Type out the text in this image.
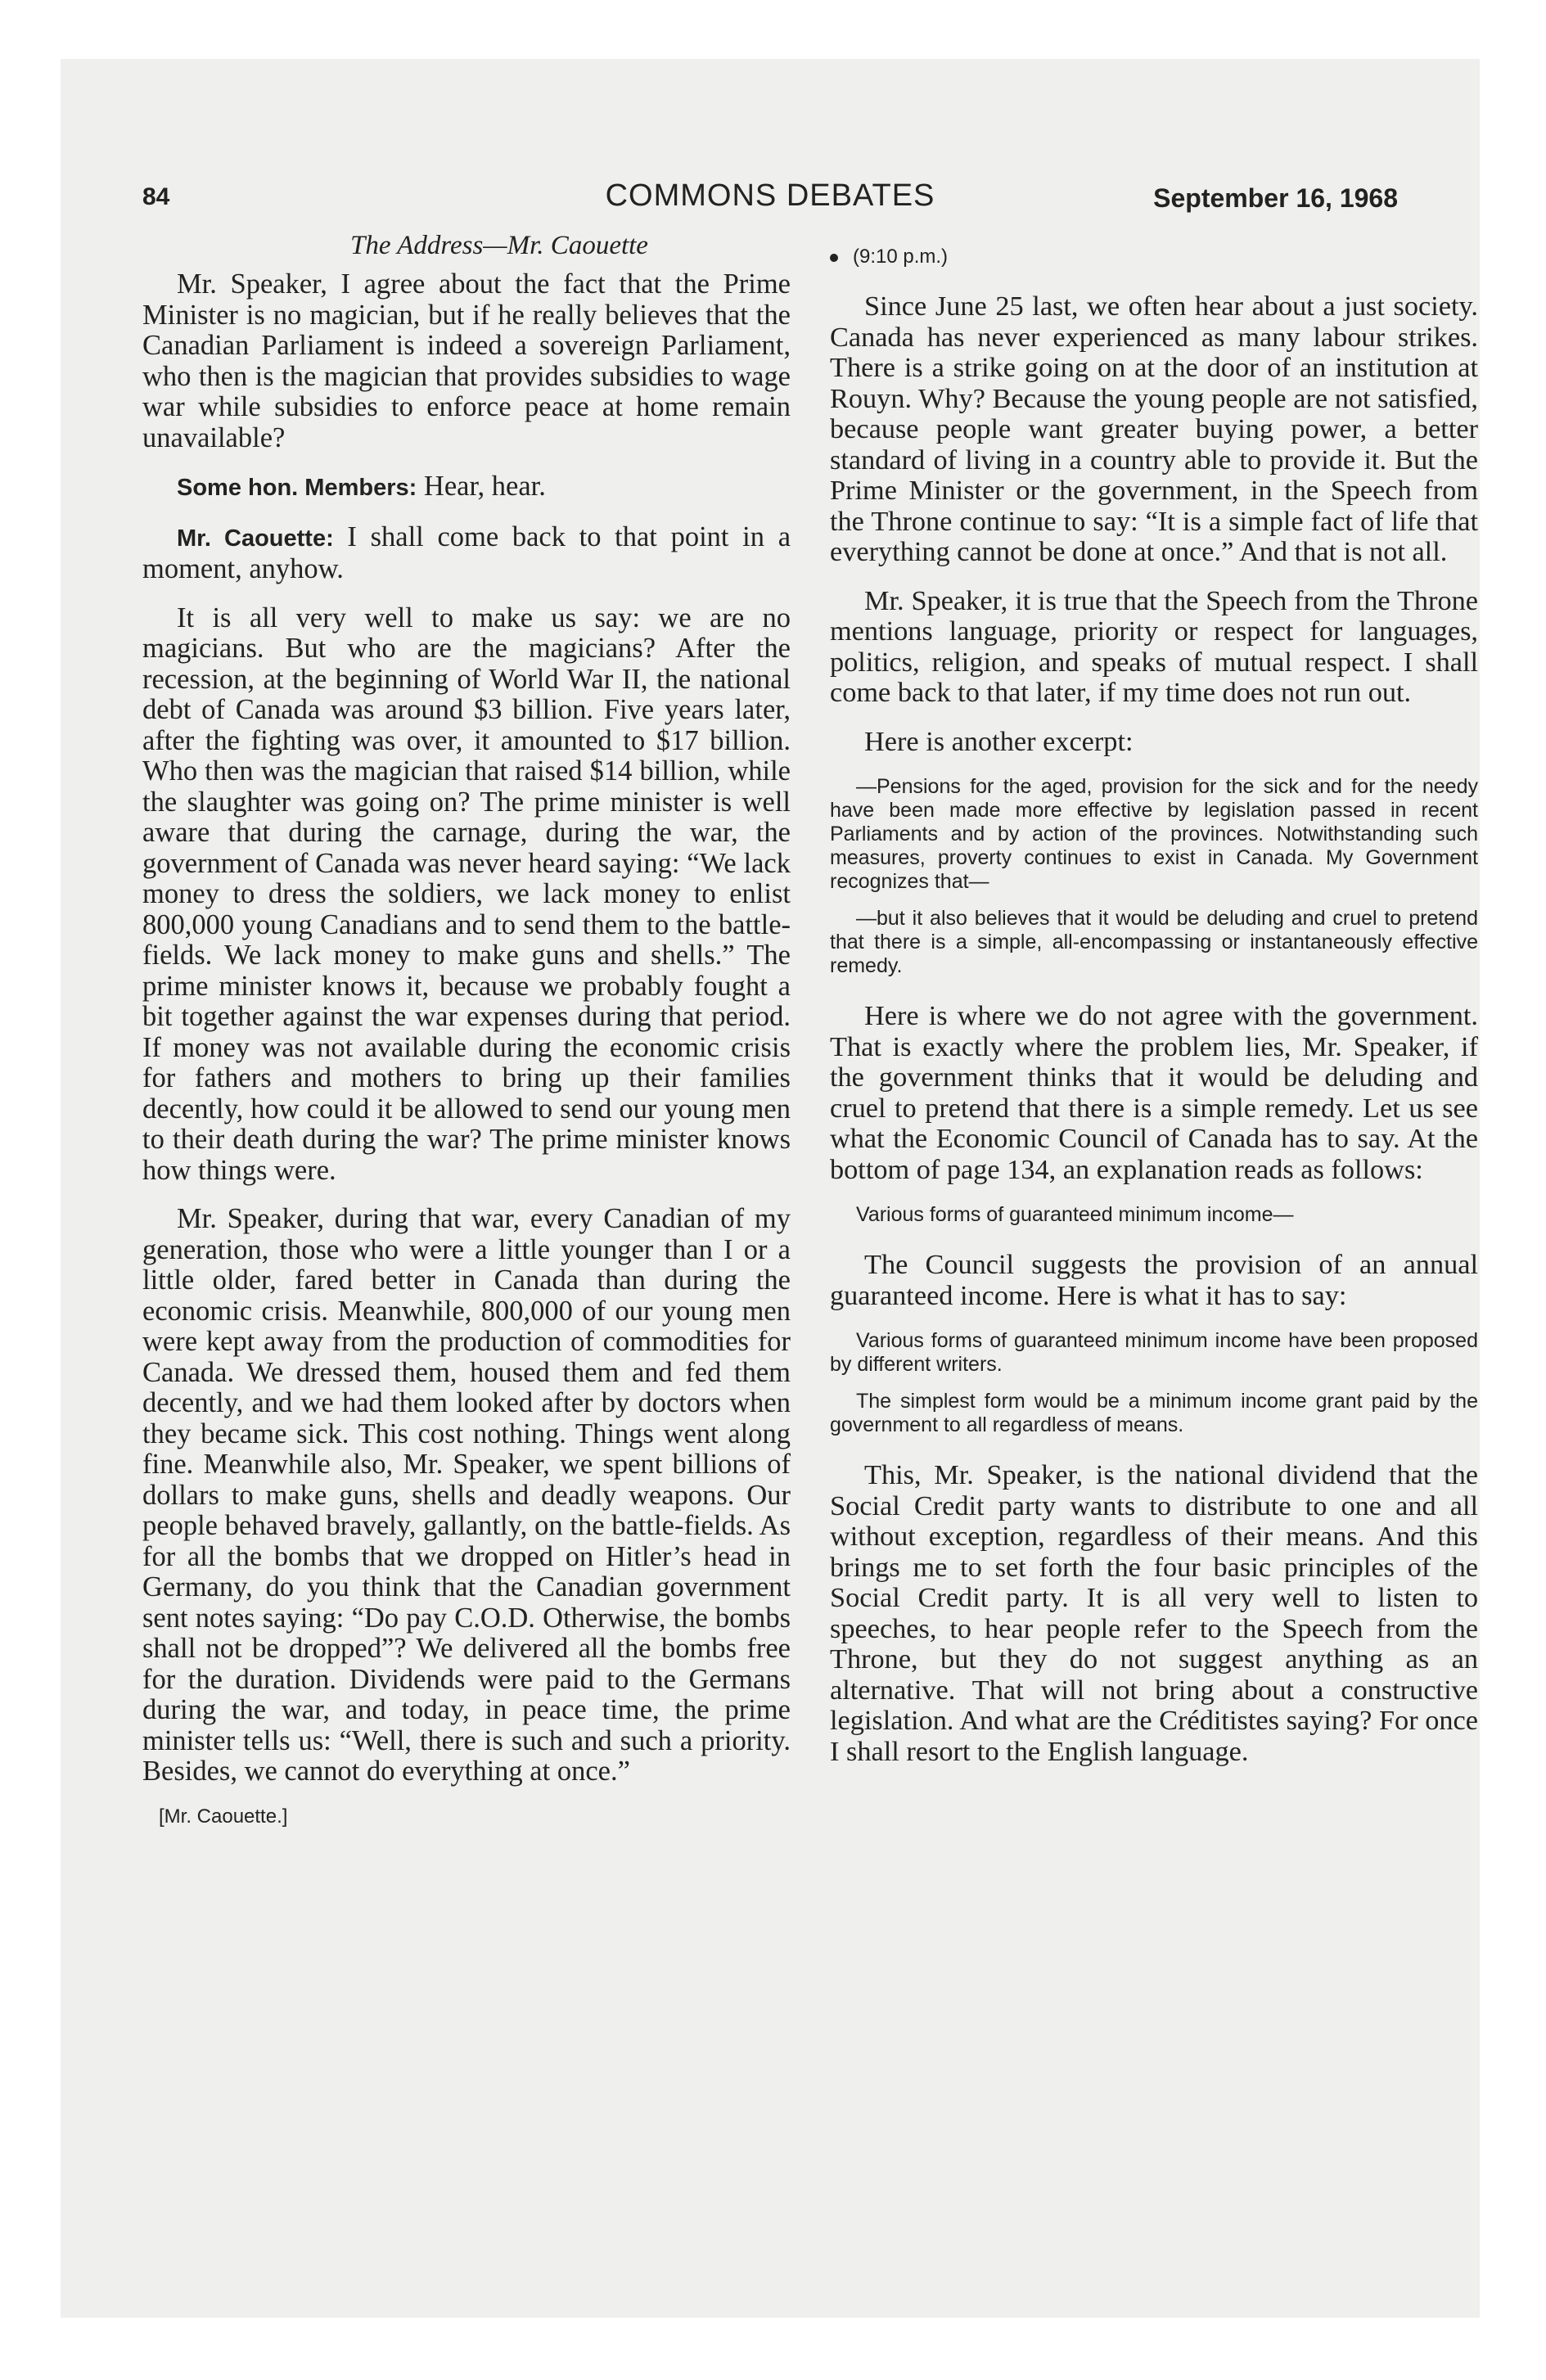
84	COMMONS DEBATES	September 16, 1968
The Address—Mr. Caouette

Mr. Speaker, I agree about the fact that the Prime Minister is no magician, but if he really believes that the Canadian Parliament is indeed a sovereign Parliament, who then is the magician that provides subsidies to wage war while subsidies to enforce peace at home remain unavailable?

Some hon. Members: Hear, hear.

Mr. Caouette: I shall come back to that point in a moment, anyhow.

It is all very well to make us say: we are no magicians. But who are the magicians? After the recession, at the beginning of World War II, the national debt of Canada was around $3 billion. Five years later, after the fighting was over, it amounted to $17 billion. Who then was the magician that raised $14 billion, while the slaughter was going on? The prime minister is well aware that during the carnage, during the war, the government of Canada was never heard saying: “We lack money to dress the soldiers, we lack money to enlist 800,000 young Canadians and to send them to the battle-fields. We lack money to make guns and shells.” The prime minister knows it, because we probably fought a bit together against the war expenses during that period. If money was not available during the economic crisis for fathers and mothers to bring up their families decently, how could it be allowed to send our young men to their death during the war? The prime minister knows how things were.

Mr. Speaker, during that war, every Canadian of my generation, those who were a little younger than I or a little older, fared better in Canada than during the economic crisis. Meanwhile, 800,000 of our young men were kept away from the production of commodities for Canada. We dressed them, housed them and fed them decently, and we had them looked after by doctors when they became sick. This cost nothing. Things went along fine. Meanwhile also, Mr. Speaker, we spent billions of dollars to make guns, shells and deadly weapons. Our people behaved bravely, gallantly, on the battle-fields. As for all the bombs that we dropped on Hitler’s head in Germany, do you think that the Canadian government sent notes saying: “Do pay C.O.D. Otherwise, the bombs shall not be dropped”? We delivered all the bombs free for the duration. Dividends were paid to the Germans during the war, and today, in peace time, the prime minister tells us: “Well, there is such and such a priority. Besides, we cannot do everything at once.”

[Mr. Caouette.]
(9:10 p.m.)

Since June 25 last, we often hear about a just society. Canada has never experienced as many labour strikes. There is a strike going on at the door of an institution at Rouyn. Why? Because the young people are not satisfied, because people want greater buying power, a better standard of living in a country able to provide it. But the Prime Minister or the government, in the Speech from the Throne continue to say: “It is a simple fact of life that everything cannot be done at once.” And that is not all.

Mr. Speaker, it is true that the Speech from the Throne mentions language, priority or respect for languages, politics, religion, and speaks of mutual respect. I shall come back to that later, if my time does not run out.

Here is another excerpt:

—Pensions for the aged, provision for the sick and for the needy have been made more effective by legislation passed in recent Parliaments and by action of the provinces. Notwithstanding such measures, proverty continues to exist in Canada. My Government recognizes that—
—but it also believes that it would be deluding and cruel to pretend that there is a simple, all-encompassing or instantaneously effective remedy.

Here is where we do not agree with the government. That is exactly where the problem lies, Mr. Speaker, if the government thinks that it would be deluding and cruel to pretend that there is a simple remedy. Let us see what the Economic Council of Canada has to say. At the bottom of page 134, an explanation reads as follows:

Various forms of guaranteed minimum income—

The Council suggests the provision of an annual guaranteed income. Here is what it has to say:

Various forms of guaranteed minimum income have been proposed by different writers.
The simplest form would be a minimum income grant paid by the government to all regardless of means.

This, Mr. Speaker, is the national dividend that the Social Credit party wants to distribute to one and all without exception, regardless of their means. And this brings me to set forth the four basic principles of the Social Credit party. It is all very well to listen to speeches, to hear people refer to the Speech from the Throne, but they do not suggest anything as an alternative. That will not bring about a constructive legislation. And what are the Créditistes saying? For once I shall resort to the English language.
